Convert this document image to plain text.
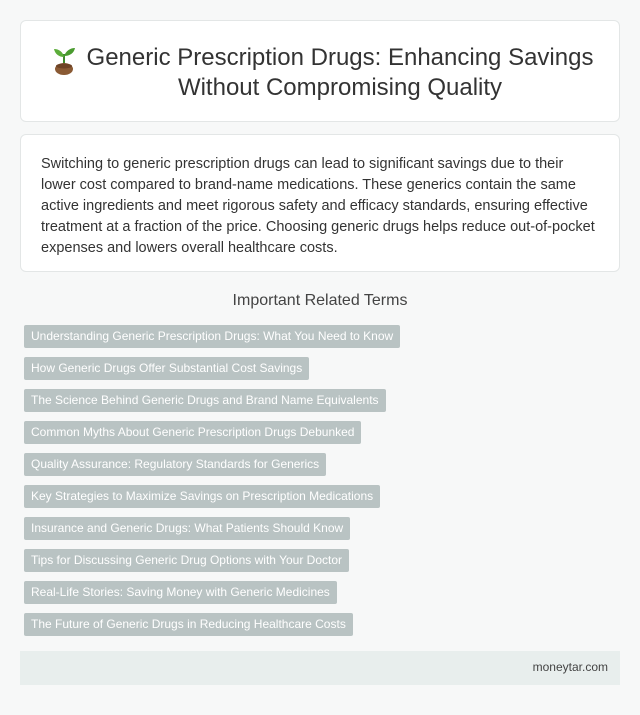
Generic Prescription Drugs: Enhancing Savings Without Compromising Quality

Switching to generic prescription drugs can lead to significant savings due to their lower cost compared to brand-name medications. These generics contain the same active ingredients and meet rigorous safety and efficacy standards, ensuring effective treatment at a fraction of the price. Choosing generic drugs helps reduce out-of-pocket expenses and lowers overall healthcare costs.

Important Related Terms
Understanding Generic Prescription Drugs: What You Need to Know
How Generic Drugs Offer Substantial Cost Savings
The Science Behind Generic Drugs and Brand Name Equivalents
Common Myths About Generic Prescription Drugs Debunked
Quality Assurance: Regulatory Standards for Generics
Key Strategies to Maximize Savings on Prescription Medications
Insurance and Generic Drugs: What Patients Should Know
Tips for Discussing Generic Drug Options with Your Doctor
Real-Life Stories: Saving Money with Generic Medicines
The Future of Generic Drugs in Reducing Healthcare Costs
moneytar.com
